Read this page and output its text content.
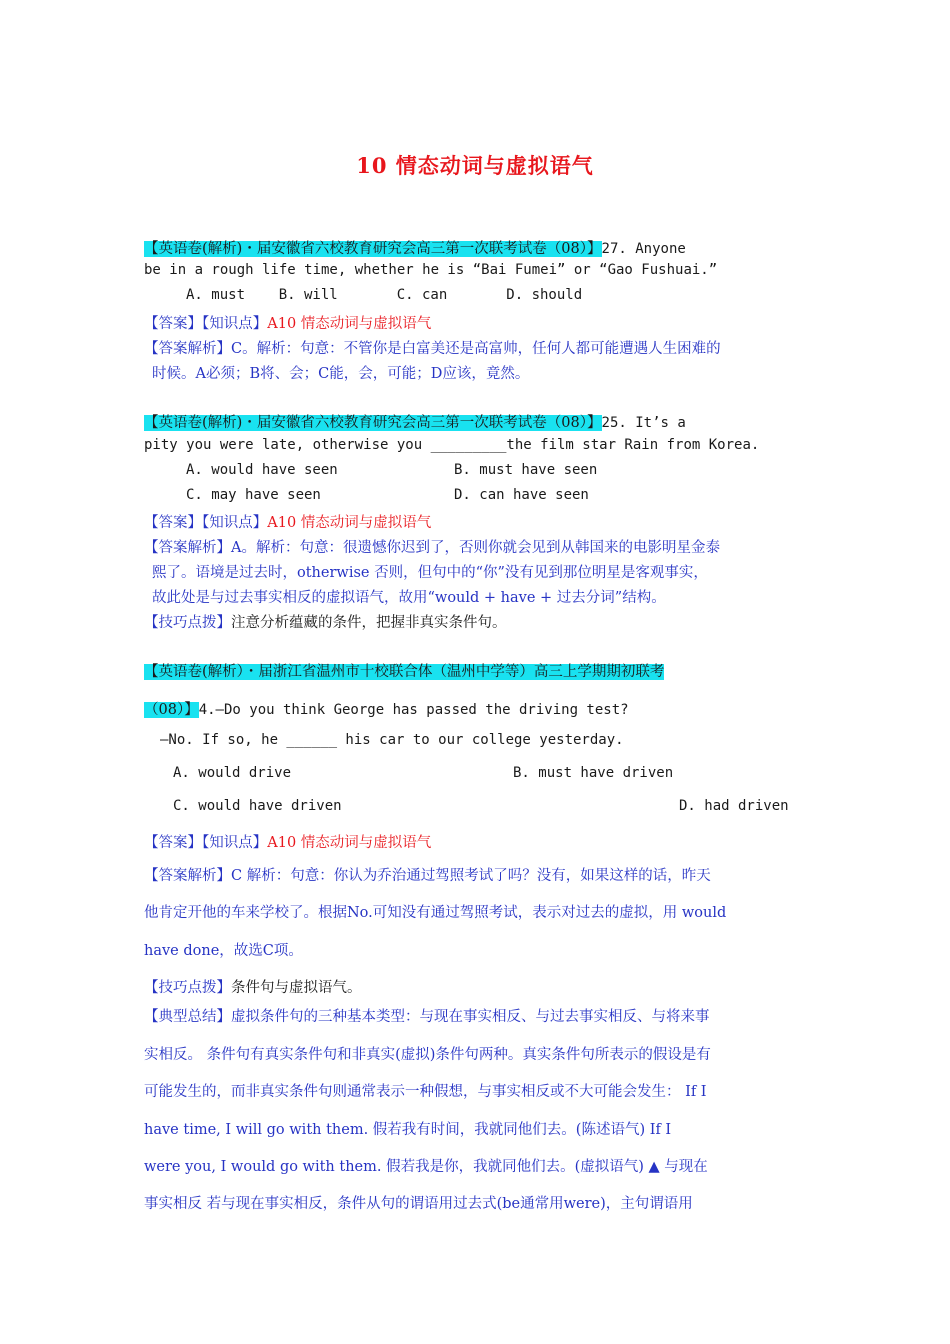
10 情态动词与虚拟语气
【英语卷(解析)・届安徽省六校教育研究会高三第一次联考试卷（08）】27. Anyone
be in a rough life time, whether he is “Bai Fumei” or “Gao Fushuai.”
A. must    B. will       C. can       D. should
【答案】【知识点】A10 情态动词与虚拟语气
【答案解析】C。解析：句意：不管你是白富美还是高富帅，任何人都可能遭遇人生困难的
时候。A必须；B将、会；C能，会，可能；D应该，竟然。
【英语卷(解析)・届安徽省六校教育研究会高三第一次联考试卷（08）】25. It’s a
pity you were late, otherwise you _________the film star Rain from Korea.
A. would have seen	B. must have seen
C. may have seen	D. can have seen
【答案】【知识点】A10 情态动词与虚拟语气
【答案解析】A。解析：句意：很遗憾你迟到了，否则你就会见到从韩国来的电影明星金泰
熙了。语境是过去时，otherwise 否则，但句中的“你”没有见到那位明星是客观事实，
故此处是与过去事实相反的虚拟语气，故用“would + have + 过去分词”结构。
【技巧点拨】注意分析蕴藏的条件，把握非真实条件句。
【英语卷(解析）・届浙江省温州市十校联合体（温州中学等）高三上学期期初联考
（08）】4.—Do you think George has passed the driving test?
—No. If so, he ______ his car to our college yesterday.
A. would drive	B. must have driven
C. would have driven	D. had driven
【答案】【知识点】A10 情态动词与虚拟语气
【答案解析】C 解析：句意：你认为乔治通过驾照考试了吗？没有，如果这样的话，昨天
他肯定开他的车来学校了。根据No.可知没有通过驾照考试，表示对过去的虚拟，用 would
have done，故选C项。
【技巧点拨】条件句与虚拟语气。
【典型总结】虚拟条件句的三种基本类型：与现在事实相反、与过去事实相反、与将来事
实相反。 条件句有真实条件句和非真实(虚拟)条件句两种。真实条件句所表示的假设是有
可能发生的，而非真实条件句则通常表示一种假想，与事实相反或不大可能会发生： If I
have time, I will go with them. 假若我有时间，我就同他们去。(陈述语气) If I
were you, I would go with them. 假若我是你，我就同他们去。(虚拟语气) ▲ 与现在
事实相反 若与现在事实相反，条件从句的谓语用过去式(be通常用were)，主句谓语用
